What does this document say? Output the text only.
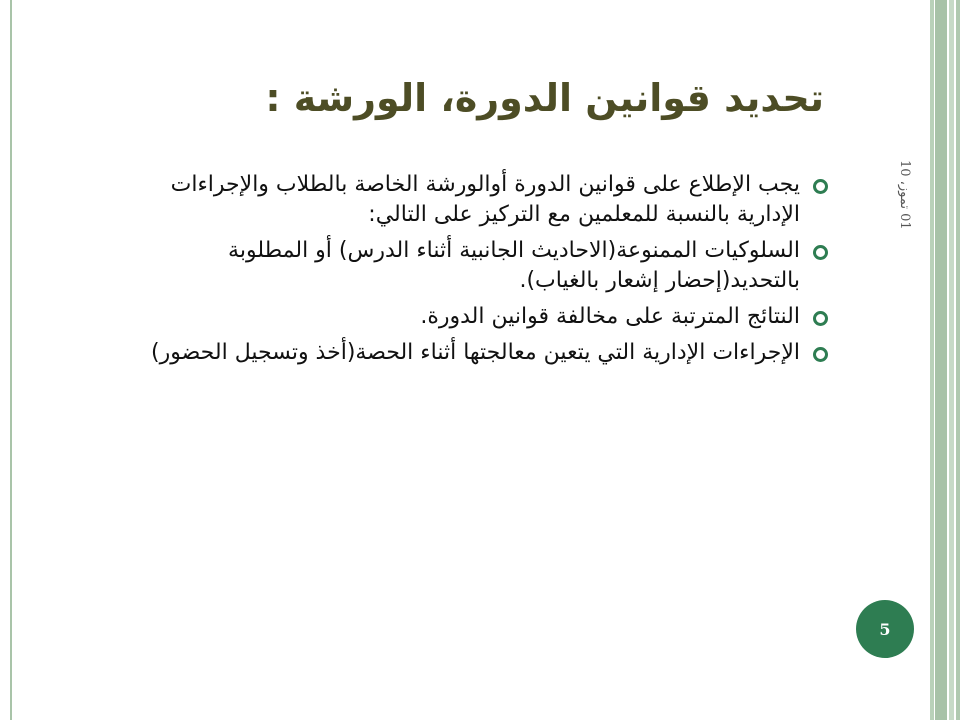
تحديد قوانين الدورة، الورشة :
01 تموز، 10
يجب الإطلاع على قوانين الدورة أوالورشة الخاصة بالطلاب والإجراءات الإدارية بالنسبة للمعلمين مع التركيز على التالي:
السلوكيات الممنوعة(الاحاديث الجانبية أثناء الدرس) أو المطلوبة بالتحديد(إحضار إشعار بالغياب).
النتائج المترتبة على مخالفة قوانين الدورة.
الإجراءات الإدارية التي يتعين معالجتها أثناء الحصة(أخذ وتسجيل الحضور)
5
